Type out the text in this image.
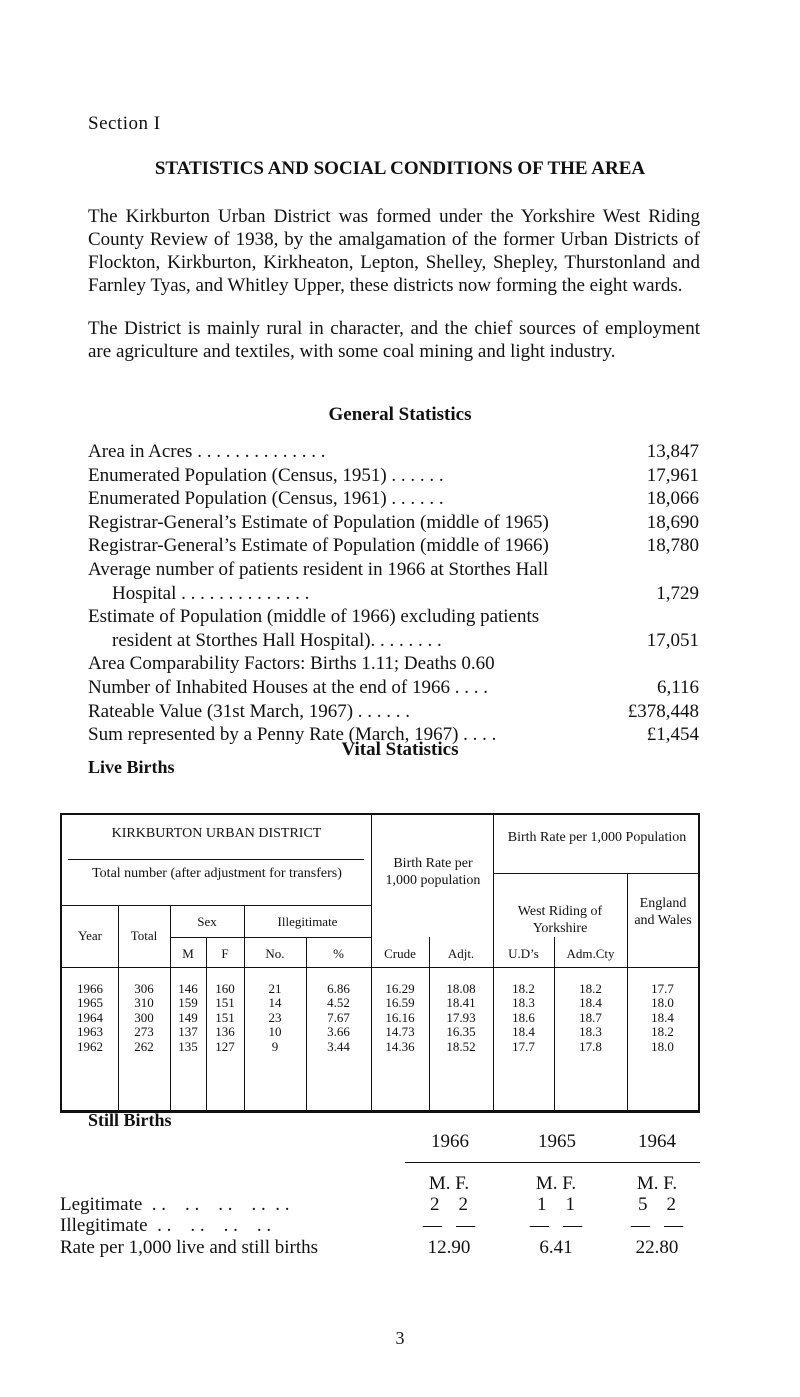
Section I
STATISTICS AND SOCIAL CONDITIONS OF THE AREA
The Kirkburton Urban District was formed under the Yorkshire West Riding County Review of 1938, by the amalgamation of the former Urban Districts of Flockton, Kirkburton, Kirkheaton, Lepton, Shelley, Shepley, Thurstonland and Farnley Tyas, and Whitley Upper, these districts now forming the eight wards.
The District is mainly rural in character, and the chief sources of employment are agriculture and textiles, with some coal mining and light industry.
General Statistics
Area in Acres . . . . . . . . . . . . . .	13,847
Enumerated Population (Census, 1951) . . . . . .	17,961
Enumerated Population (Census, 1961) . . . . . .	18,066
Registrar-General’s Estimate of Population (middle of 1965)	18,690
Registrar-General’s Estimate of Population (middle of 1966)	18,780
Average number of patients resident in 1966 at Storthes Hall
Hospital . . . . . . . . . . . . . .	1,729
Estimate of Population (middle of 1966) excluding patients
resident at Storthes Hall Hospital). . . . . . . .	17,051
Area Comparability Factors: Births 1.11; Deaths 0.60
Number of Inhabited Houses at the end of 1966 . . . .	6,116
Rateable Value (31st March, 1967) . . . . . .	£378,448
Sum represented by a Penny Rate (March, 1967) . . . .	£1,454
Vital Statistics
Live Births
KIRKBURTON URBAN DISTRICT
Total number (after adjustment for transfers)
Birth Rate per 1,000 population
Birth Rate per 1,000 Population
West Riding of Yorkshire
England and Wales
Year	Total
Sex	Illegitimate
M	F	No.	%	Crude	Adjt.	U.D’s	Adm.Cty
1966	306	146	160	21	6.86	16.29	18.08	18.2	18.2	17.7
1965	310	159	151	14	4.52	16.59	18.41	18.3	18.4	18.0
1964	300	149	151	23	7.67	16.16	17.93	18.6	18.7	18.4
1963	273	137	136	10	3.66	14.73	16.35	18.4	18.3	18.2
1962	262	135	127	9	3.44	14.36	18.52	17.7	17.8	18.0
Still Births
1966	1965	1964
M. F.	M. F.	M. F.
Legitimate  . .    . .    . .    . .  . .	2    2	1    1	5    2
Illegitimate  . .    . .    . .    . .	—   —	—   —	—   —
Rate per 1,000 live and still births	12.90	6.41	22.80
3
